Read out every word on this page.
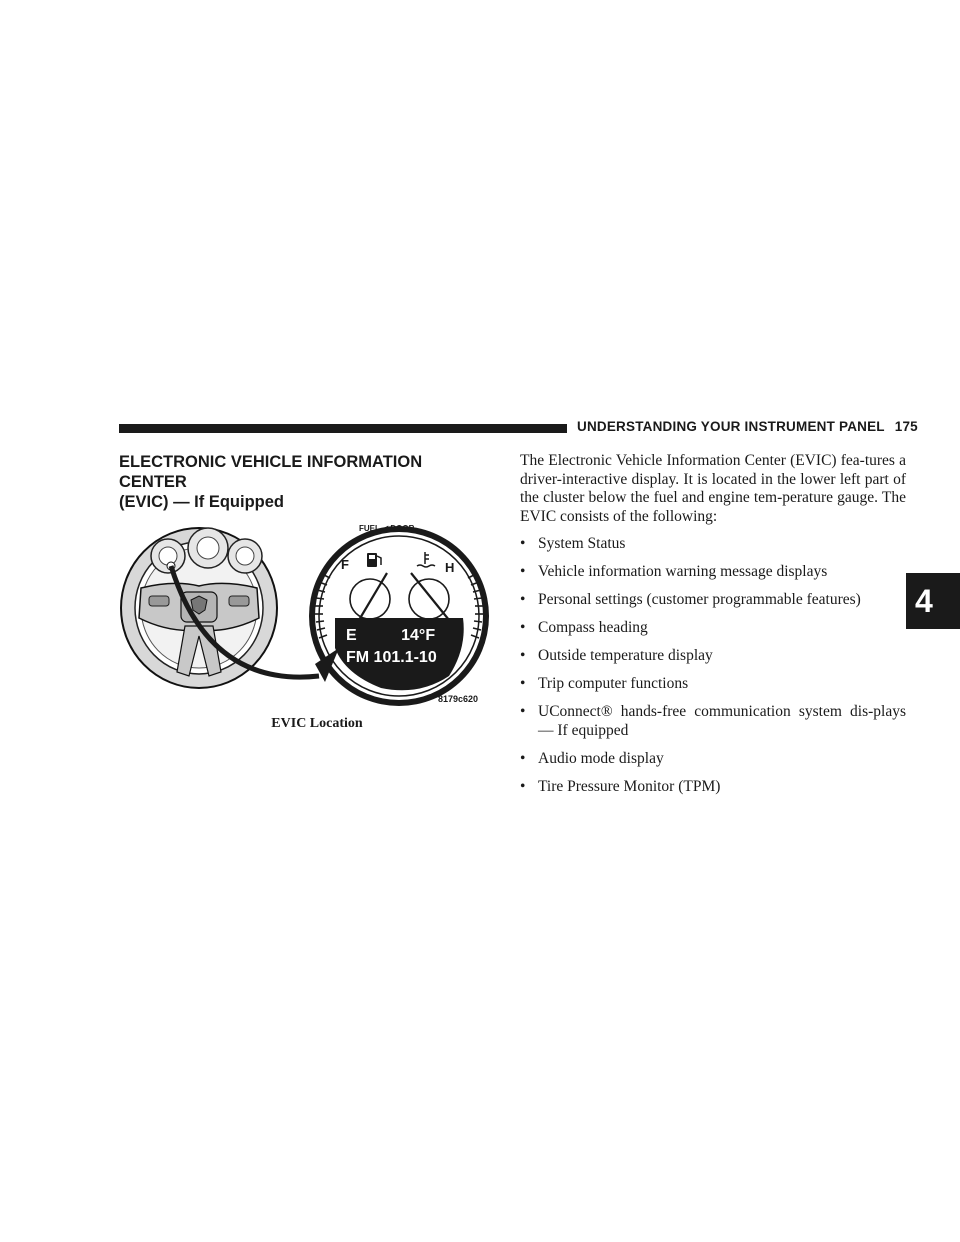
UNDERSTANDING YOUR INSTRUMENT PANEL 175
4
ELECTRONIC VEHICLE INFORMATION CENTER
(EVIC) — If Equipped
FUEL ◁ DOOR
F	H
E	14°F
FM 101.1-10
8179c620
EVIC Location

The Electronic Vehicle Information Center (EVIC) fea-tures a driver-interactive display. It is located in the lower left part of the cluster below the fuel and engine tem-perature gauge. The EVIC consists of the following:

• System Status
• Vehicle information warning message displays
• Personal settings (customer programmable features)
• Compass heading
• Outside temperature display
• Trip computer functions
• UConnect® hands-free communication system dis-plays — If equipped
• Audio mode display
• Tire Pressure Monitor (TPM)
